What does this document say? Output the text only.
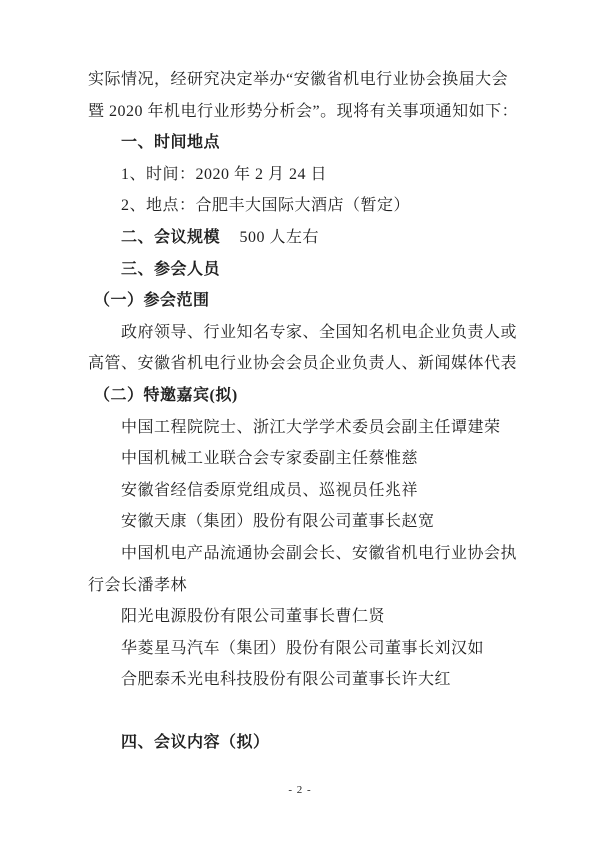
实际情况，经研究决定举办“安徽省机电行业协会换届大会
暨 2020 年机电行业形势分析会”。现将有关事项通知如下：
一、时间地点
1、时间：2020 年 2 月 24 日
2、地点：合肥丰大国际大酒店（暂定）
二、会议规模 500 人左右
三、参会人员
（一）参会范围
政府领导、行业知名专家、全国知名机电企业负责人或
高管、安徽省机电行业协会会员企业负责人、新闻媒体代表
（二）特邀嘉宾(拟)
中国工程院院士、浙江大学学术委员会副主任谭建荣
中国机械工业联合会专家委副主任蔡惟慈
安徽省经信委原党组成员、巡视员任兆祥
安徽天康（集团）股份有限公司董事长赵宽
中国机电产品流通协会副会长、安徽省机电行业协会执
行会长潘孝林
阳光电源股份有限公司董事长曹仁贤
华菱星马汽车（集团）股份有限公司董事长刘汉如
合肥泰禾光电科技股份有限公司董事长许大红
四、会议内容（拟）
- 2 -
